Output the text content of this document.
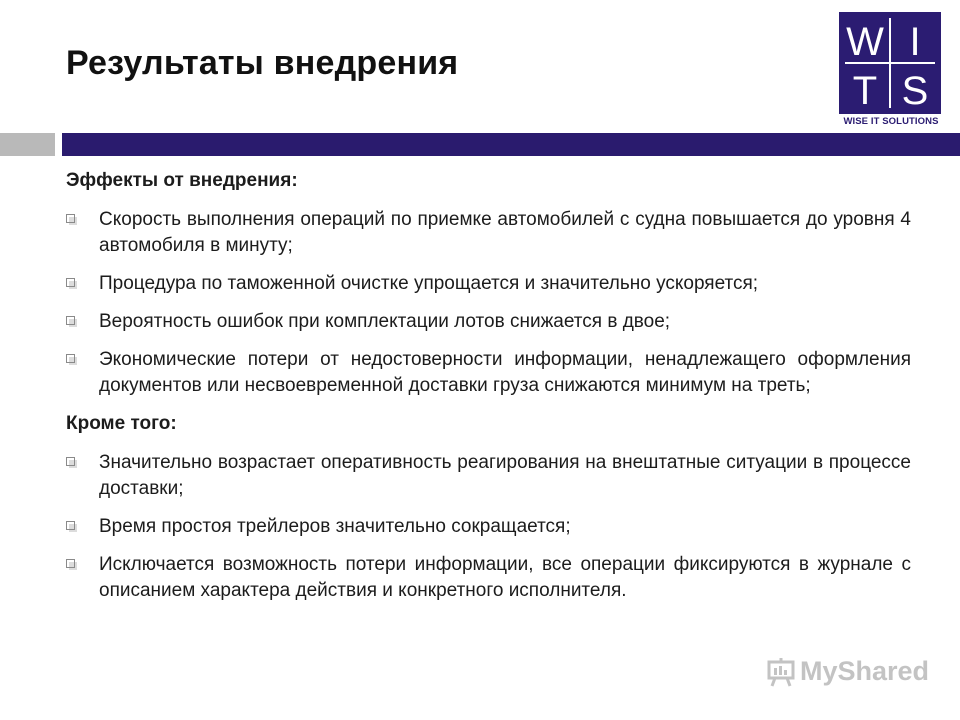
Результаты внедрения	W I
T S
WISE IT SOLUTIONS
Эффекты от внедрения:
Скорость выполнения операций по приемке автомобилей с судна повышается до уровня 4 автомобиля в минуту;
Процедура по таможенной очистке упрощается и значительно ускоряется;
Вероятность ошибок при комплектации лотов снижается в двое;
Экономические потери от недостоверности информации, ненадлежащего оформления документов или несвоевременной доставки груза снижаются минимум на треть;
Кроме того:
Значительно возрастает оперативность реагирования на внештатные ситуации в процессе доставки;
Время простоя трейлеров значительно сокращается;
Исключается возможность потери информации, все операции фиксируются в журнале с описанием характера действия и конкретного исполнителя.
MyShared
